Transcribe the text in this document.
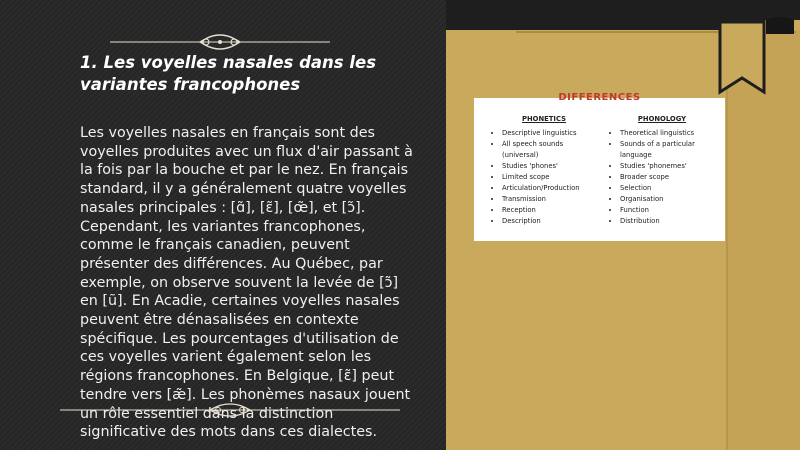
1. Les voyelles nasales dans les variantes francophones

Les voyelles nasales en français sont des voyelles produites avec un flux d'air passant à la fois par la bouche et par le nez. En français standard, il y a généralement quatre voyelles nasales principales : [ɑ̃], [ɛ̃], [œ̃], et [ɔ̃]. Cependant, les variantes francophones, comme le français canadien, peuvent présenter des différences. Au Québec, par exemple, on observe souvent la levée de [ɔ̃] en [ũ]. En Acadie, certaines voyelles nasales peuvent être dénasalisées en contexte spécifique. Les pourcentages d'utilisation de ces voyelles varient également selon les régions francophones. En Belgique, [ɛ̃] peut tendre vers [æ̃]. Les phonèmes nasaux jouent un rôle essentiel dans la distinction significative des mots dans ces dialectes.

DIFFERENCES
PHONETICS
• Descriptive linguistics
• All speech sounds (universal)
• Studies 'phones'
• Limited scope
• Articulation/Production
• Transmission
• Reception
• Description
PHONOLOGY
• Theoretical linguistics
• Sounds of a particular language
• Studies 'phonemes'
• Broader scope
• Selection
• Organisation
• Function
• Distribution
